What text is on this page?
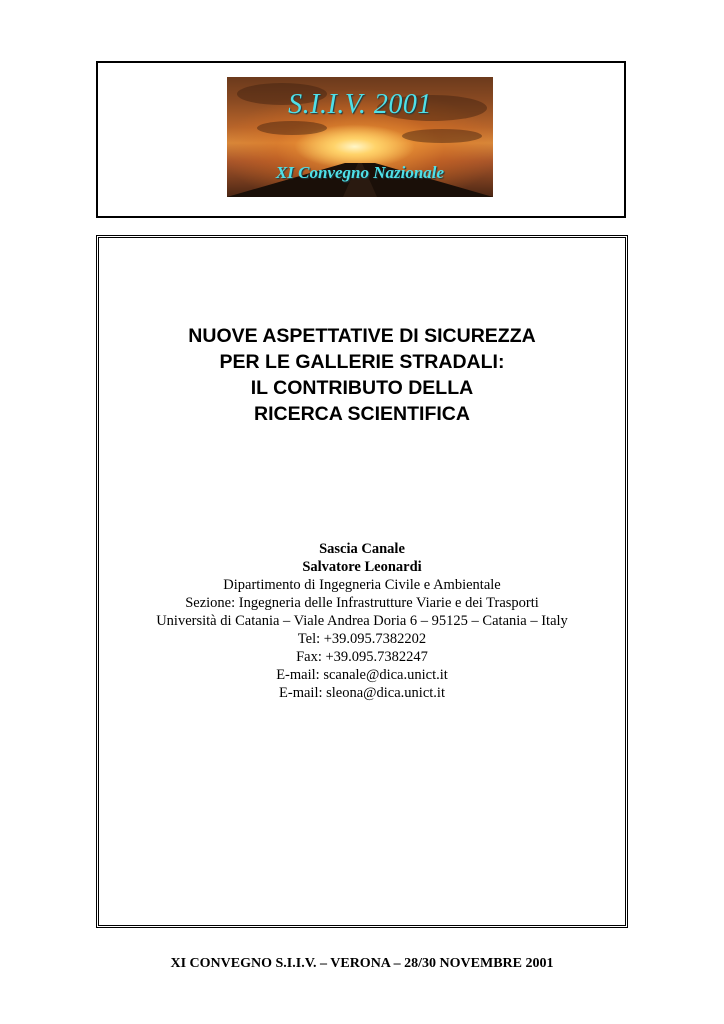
S.I.I.V. 2001
XI Convegno Nazionale
NUOVE ASPETTATIVE DI SICUREZZA
PER LE GALLERIE STRADALI:
IL CONTRIBUTO DELLA
RICERCA SCIENTIFICA
Sascia Canale
Salvatore Leonardi
Dipartimento di Ingegneria Civile e Ambientale
Sezione: Ingegneria delle Infrastrutture Viarie e dei Trasporti
Università di Catania – Viale Andrea Doria 6 – 95125 – Catania – Italy
Tel: +39.095.7382202
Fax: +39.095.7382247
E-mail: scanale@dica.unict.it
E-mail: sleona@dica.unict.it
XI CONVEGNO S.I.I.V. – VERONA – 28/30 NOVEMBRE 2001
